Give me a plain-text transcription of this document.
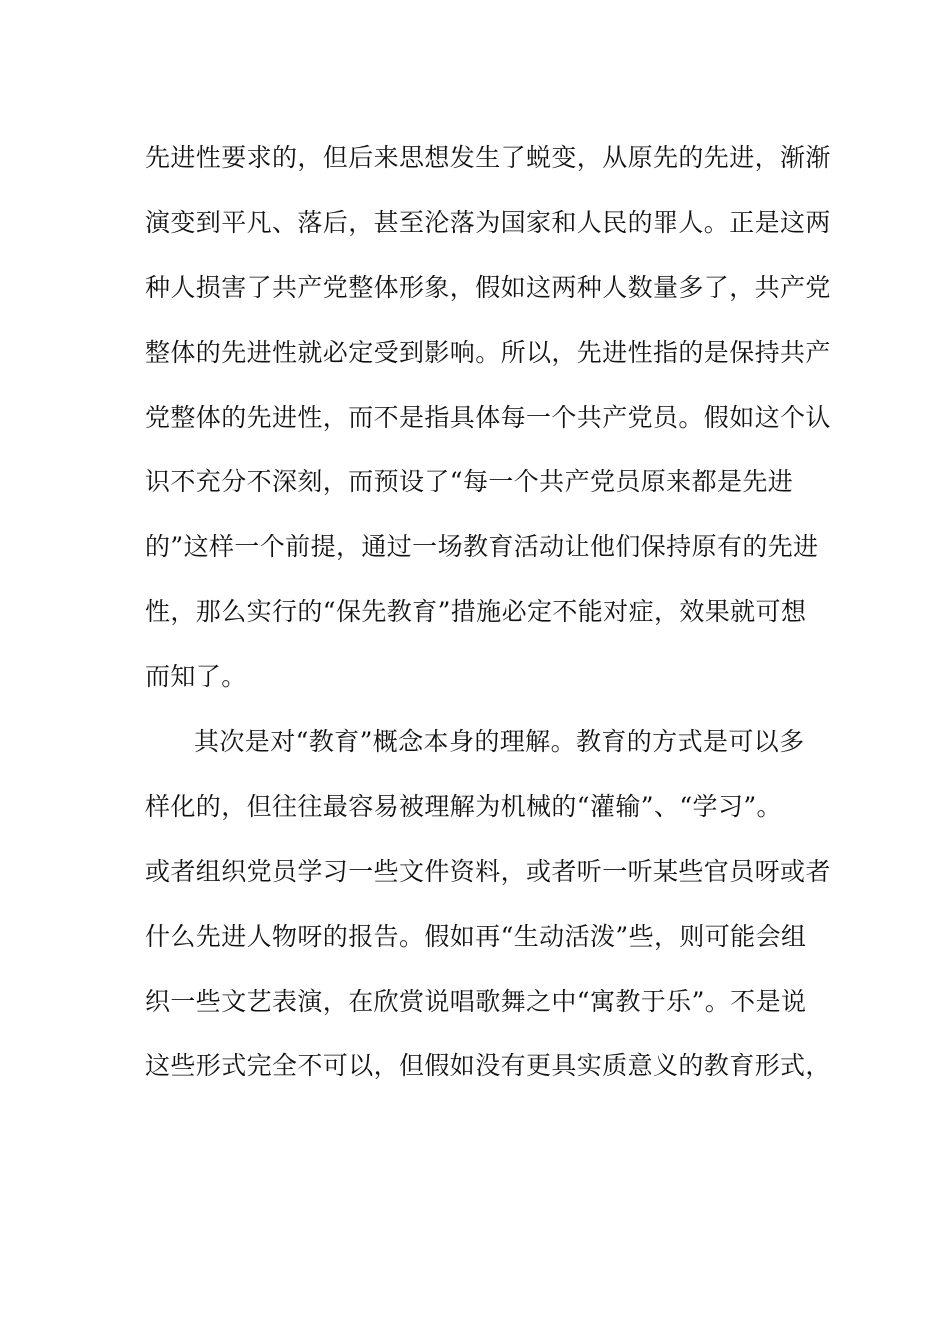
先进性要求的，但后来思想发生了蜕变，从原先的先进，渐渐
演变到平凡、落后，甚至沦落为国家和人民的罪人。正是这两
种人损害了共产党整体形象，假如这两种人数量多了，共产党
整体的先进性就必定受到影响。所以，先进性指的是保持共产
党整体的先进性，而不是指具体每一个共产党员。假如这个认
识不充分不深刻，而预设了“每一个共产党员原来都是先进
的”这样一个前提，通过一场教育活动让他们保持原有的先进
性，那么实行的“保先教育”措施必定不能对症，效果就可想
而知了。
其次是对“教育”概念本身的理解。教育的方式是可以多
样化的，但往往最容易被理解为机械的“灌输”、“学习”。
或者组织党员学习一些文件资料，或者听一听某些官员呀或者
什么先进人物呀的报告。假如再“生动活泼”些，则可能会组
织一些文艺表演，在欣赏说唱歌舞之中“寓教于乐”。不是说
这些形式完全不可以，但假如没有更具实质意义的教育形式，
